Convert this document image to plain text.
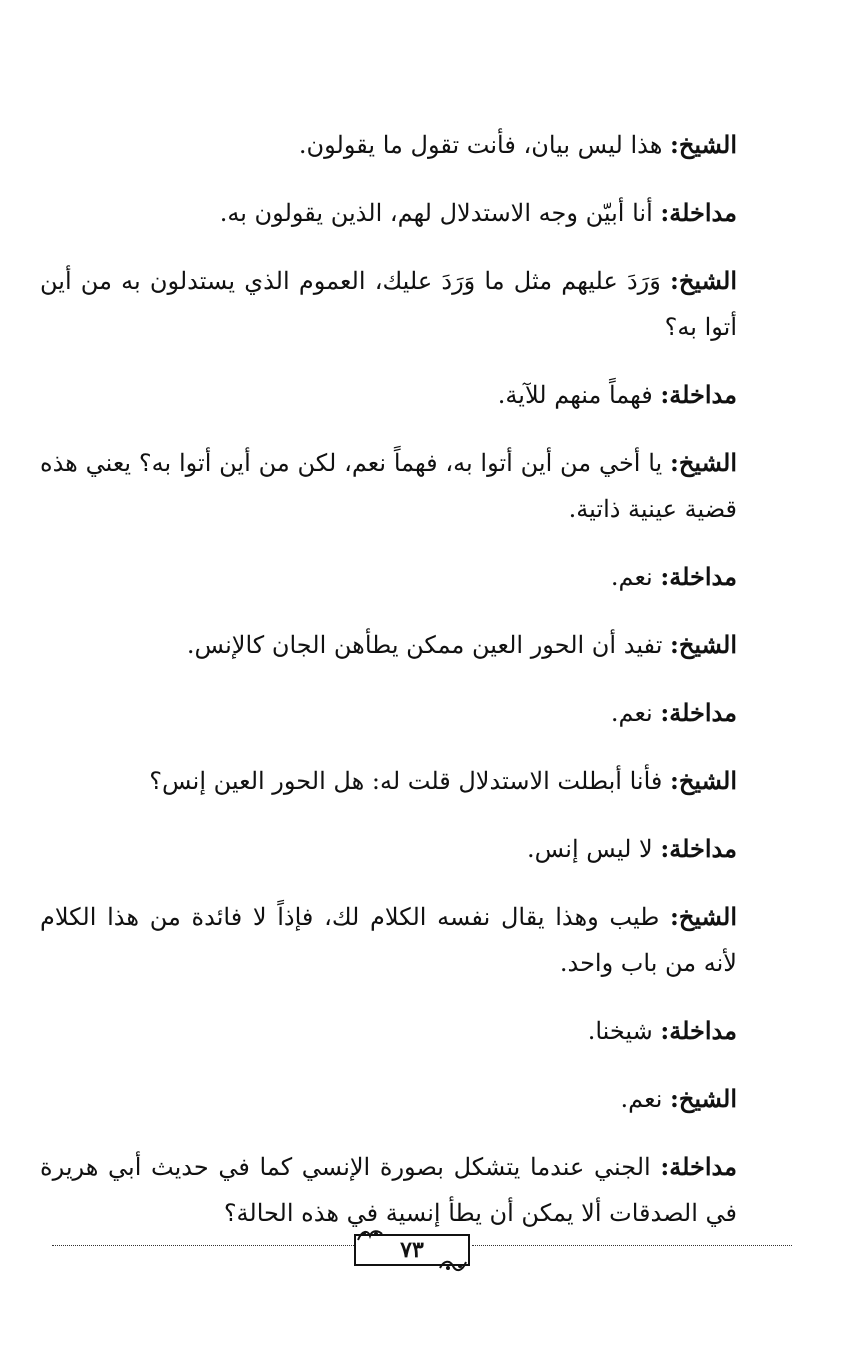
الشيخ: هذا ليس بيان، فأنت تقول ما يقولون.

مداخلة: أنا أبيّن وجه الاستدلال لهم، الذين يقولون به.

الشيخ: وَرَدَ عليهم مثل ما وَرَدَ عليك، العموم الذي يستدلون به من أين أتوا به؟

مداخلة: فهماً منهم للآية.

الشيخ: يا أخي من أين أتوا به، فهماً نعم، لكن من أين أتوا به؟ يعني هذه قضية عينية ذاتية.

مداخلة: نعم.

الشيخ: تفيد أن الحور العين ممكن يطأهن الجان كالإنس.

مداخلة: نعم.

الشيخ: فأنا أبطلت الاستدلال قلت له: هل الحور العين إنس؟

مداخلة: لا ليس إنس.

الشيخ: طيب وهذا يقال نفسه الكلام لك، فإذاً لا فائدة من هذا الكلام لأنه من باب واحد.

مداخلة: شيخنا.

الشيخ: نعم.

مداخلة: الجني عندما يتشكل بصورة الإنسي كما في حديث أبي هريرة في الصدقات ألا يمكن أن يطأ إنسية في هذه الحالة؟

٧٣
